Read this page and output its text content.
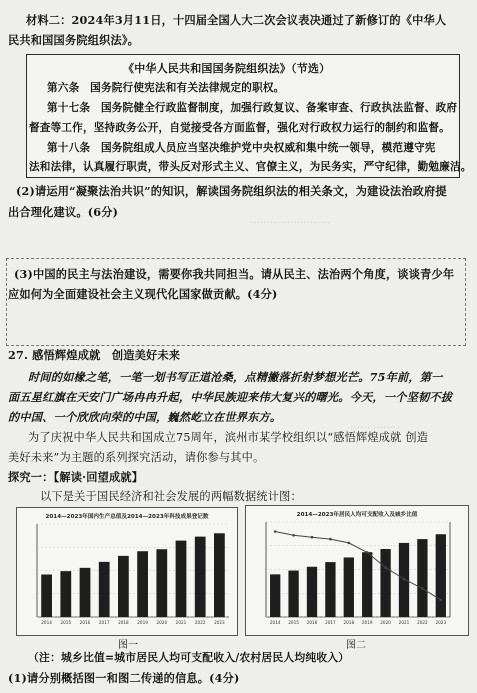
……………………
……………
材料二：2024年3月11日，十四届全国人大二次会议表决通过了新修订的《中华人
民共和国国务院组织法》。
《中华人民共和国国务院组织法》（节选）
第六条　国务院行使宪法和有关法律规定的职权。
第十七条　国务院健全行政监督制度，加强行政复议、备案审查、行政执法监督、政府
督查等工作，坚持政务公开，自觉接受各方面监督，强化对行政权力运行的制约和监督。
第十八条　国务院组成人员应当坚决维护党中央权威和集中统一领导，模范遵守宪
法和法律，认真履行职责，带头反对形式主义、官僚主义，为民务实，严守纪律，勤勉廉洁。
(2)请运用“凝聚法治共识”的知识，解读国务院组织法的相关条文，为建设法治政府提
出合理化建议。(6分)
(3)中国的民主与法治建设，需要你我共同担当。请从民主、法治两个角度，谈谈青少年
应如何为全面建设社会主义现代化国家做贡献。(4分)
27. 感悟辉煌成就　创造美好未来
时间的如椽之笔，一笔一划书写正道沧桑，点精撇落折射梦想光芒。75年前，第一
面五星红旗在天安门广场冉冉升起，中华民族迎来伟大复兴的曙光。今天，一个坚韧不拔
的中国、一个欣欣向荣的中国，巍然屹立在世界东方。
为了庆祝中华人民共和国成立75周年，滨州市某学校组织以“感悟辉煌成就 创造
美好未来”为主题的系列探究活动，请你参与其中。
探究一：【解读·回望成就】
以下是关于国民经济和社会发展的两幅数据统计图：
2014—2023年国内生产总值及2014—2023年科技成果登记数
2014 2015 2016 2017 2018 2019 2020 2021 2022 2023
图一
2014—2023年居民人均可支配收入及城乡比值
2014 2015 2016 2017 2018 2019 2020 2021 2022 2023
图二
（注：城乡比值=城市居民人均可支配收入/农村居民人均纯收入）
(1)请分别概括图一和图二传递的信息。(4分)
